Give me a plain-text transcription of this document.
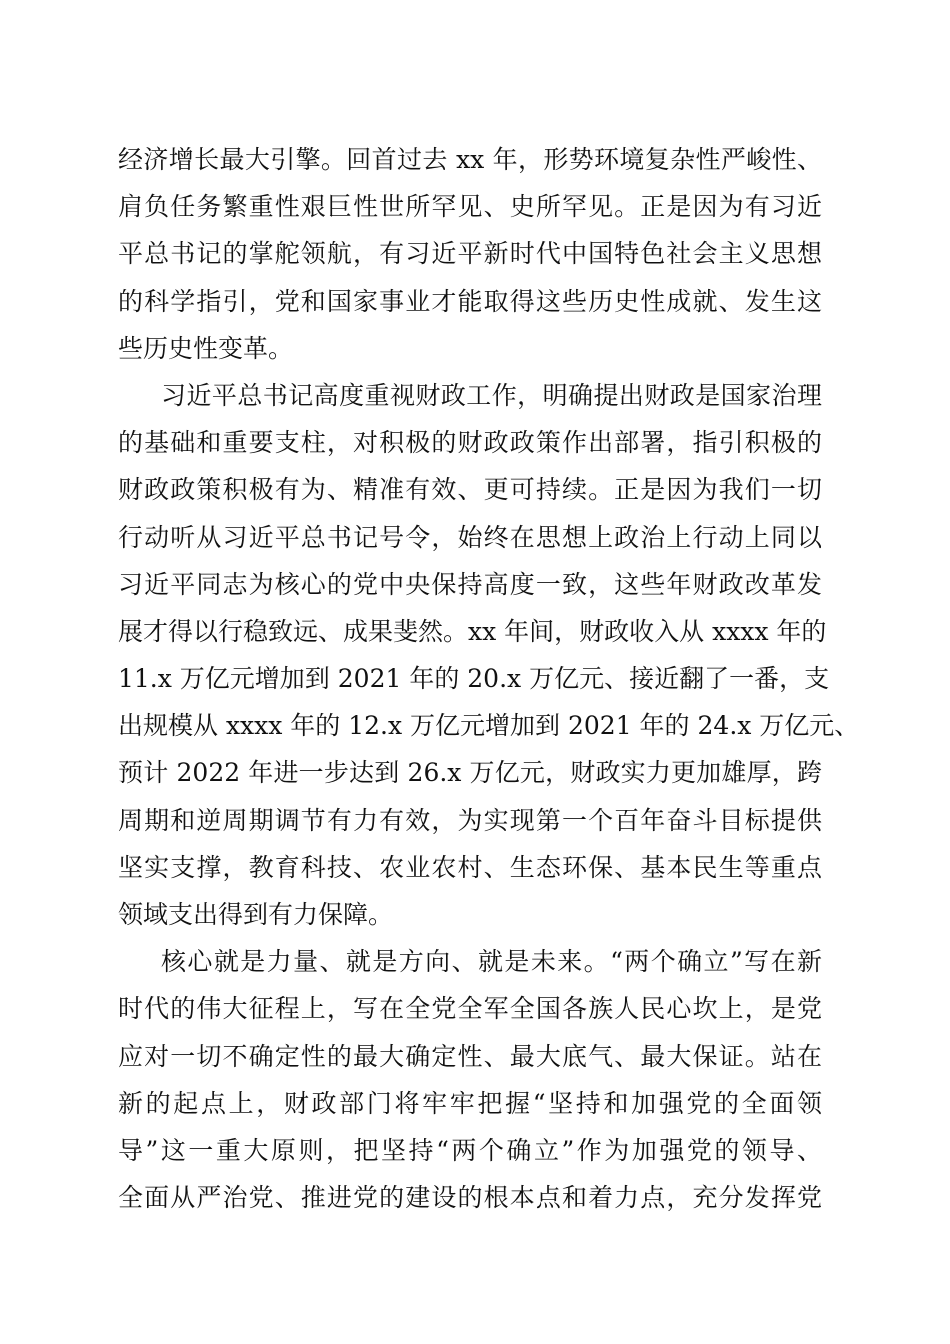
经济增长最大引擎。回首过去 xx 年，形势环境复杂性严峻性、
肩负任务繁重性艰巨性世所罕见、史所罕见。正是因为有习近
平总书记的掌舵领航，有习近平新时代中国特色社会主义思想
的科学指引，党和国家事业才能取得这些历史性成就、发生这
些历史性变革。
习近平总书记高度重视财政工作，明确提出财政是国家治理
的基础和重要支柱，对积极的财政政策作出部署，指引积极的
财政政策积极有为、精准有效、更可持续。正是因为我们一切
行动听从习近平总书记号令，始终在思想上政治上行动上同以
习近平同志为核心的党中央保持高度一致，这些年财政改革发
展才得以行稳致远、成果斐然。xx 年间，财政收入从 xxxx 年的
11.x 万亿元增加到 2021 年的 20.x 万亿元、接近翻了一番，支
出规模从 xxxx 年的 12.x 万亿元增加到 2021 年的 24.x 万亿元、
预计 2022 年进一步达到 26.x 万亿元，财政实力更加雄厚，跨
周期和逆周期调节有力有效，为实现第一个百年奋斗目标提供
坚实支撑，教育科技、农业农村、生态环保、基本民生等重点
领域支出得到有力保障。
核心就是力量、就是方向、就是未来。“两个确立”写在新
时代的伟大征程上，写在全党全军全国各族人民心坎上，是党
应对一切不确定性的最大确定性、最大底气、最大保证。站在
新的起点上，财政部门将牢牢把握“坚持和加强党的全面领
导”这一重大原则，把坚持“两个确立”作为加强党的领导、
全面从严治党、推进党的建设的根本点和着力点，充分发挥党
